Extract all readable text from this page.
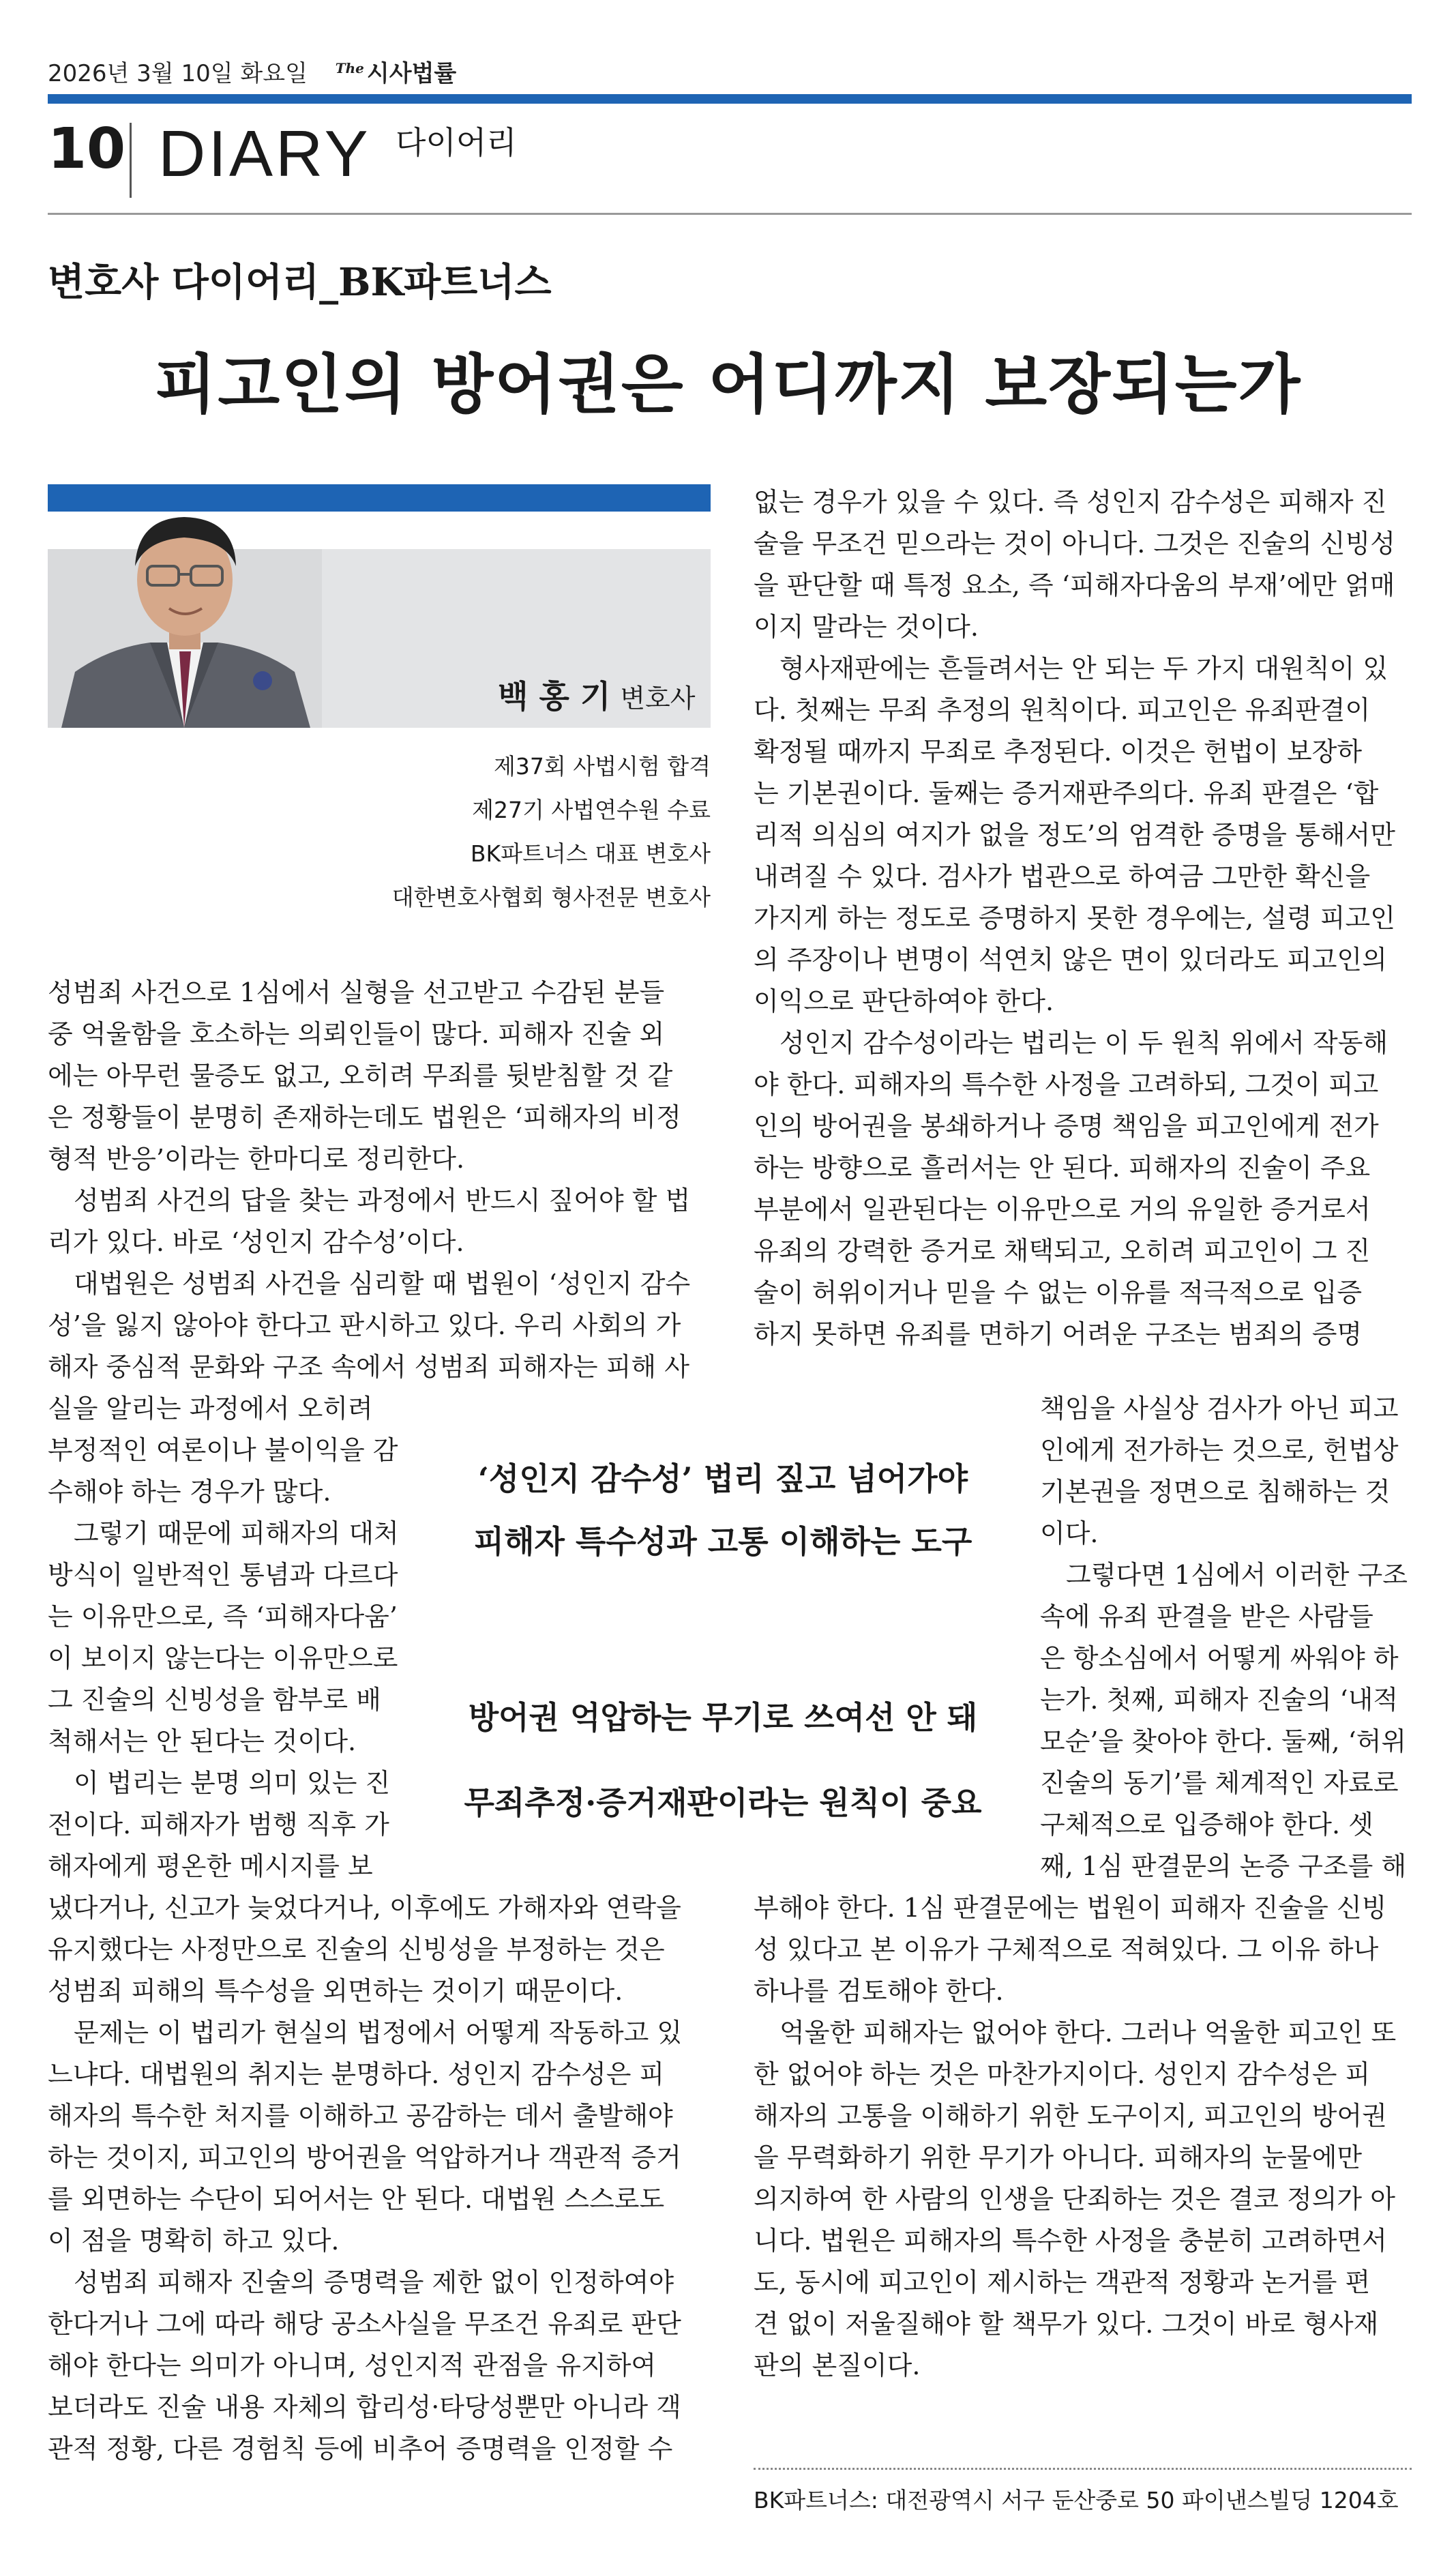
2026년 3월 10일 화요일 $^{The}$ 시사법률
10 DIARY 다이어리
변호사 다이어리_BK파트너스
피고인의 방어권은 어디까지 보장되는가
백 홍 기 변호사
제37회 사법시험 합격
제27기 사법연수원 수료
BK파트너스 대표 변호사
대한변호사협회 형사전문 변호사
성범죄 사건으로 1심에서 실형을 선고받고 수감된 분들
중 억울함을 호소하는 의뢰인들이 많다. 피해자 진술 외
에는 아무런 물증도 없고, 오히려 무죄를 뒷받침할 것 같
은 정황들이 분명히 존재하는데도 법원은 ‘피해자의 비정
형적 반응’이라는 한마디로 정리한다.
성범죄 사건의 답을 찾는 과정에서 반드시 짚어야 할 법
리가 있다. 바로 ‘성인지 감수성’이다.
대법원은 성범죄 사건을 심리할 때 법원이 ‘성인지 감수
성’을 잃지 않아야 한다고 판시하고 있다. 우리 사회의 가
해자 중심적 문화와 구조 속에서 성범죄 피해자는 피해 사
실을 알리는 과정에서 오히려
부정적인 여론이나 불이익을 감
수해야 하는 경우가 많다.
그렇기 때문에 피해자의 대처
방식이 일반적인 통념과 다르다
는 이유만으로, 즉 ‘피해자다움’
이 보이지 않는다는 이유만으로
그 진술의 신빙성을 함부로 배
척해서는 안 된다는 것이다.
이 법리는 분명 의미 있는 진
전이다. 피해자가 범행 직후 가
해자에게 평온한 메시지를 보
냈다거나, 신고가 늦었다거나, 이후에도 가해자와 연락을
유지했다는 사정만으로 진술의 신빙성을 부정하는 것은
성범죄 피해의 특수성을 외면하는 것이기 때문이다.
문제는 이 법리가 현실의 법정에서 어떻게 작동하고 있
느냐다. 대법원의 취지는 분명하다. 성인지 감수성은 피
해자의 특수한 처지를 이해하고 공감하는 데서 출발해야
하는 것이지, 피고인의 방어권을 억압하거나 객관적 증거
를 외면하는 수단이 되어서는 안 된다. 대법원 스스로도
이 점을 명확히 하고 있다.
성범죄 피해자 진술의 증명력을 제한 없이 인정하여야
한다거나 그에 따라 해당 공소사실을 무조건 유죄로 판단
해야 한다는 의미가 아니며, 성인지적 관점을 유지하여
보더라도 진술 내용 자체의 합리성·타당성뿐만 아니라 객
관적 정황, 다른 경험칙 등에 비추어 증명력을 인정할 수
없는 경우가 있을 수 있다. 즉 성인지 감수성은 피해자 진
술을 무조건 믿으라는 것이 아니다. 그것은 진술의 신빙성
을 판단할 때 특정 요소, 즉 ‘피해자다움의 부재’에만 얽매
이지 말라는 것이다.
형사재판에는 흔들려서는 안 되는 두 가지 대원칙이 있
다. 첫째는 무죄 추정의 원칙이다. 피고인은 유죄판결이
확정될 때까지 무죄로 추정된다. 이것은 헌법이 보장하
는 기본권이다. 둘째는 증거재판주의다. 유죄 판결은 ‘합
리적 의심의 여지가 없을 정도’의 엄격한 증명을 통해서만
내려질 수 있다. 검사가 법관으로 하여금 그만한 확신을
가지게 하는 정도로 증명하지 못한 경우에는, 설령 피고인
의 주장이나 변명이 석연치 않은 면이 있더라도 피고인의
이익으로 판단하여야 한다.
성인지 감수성이라는 법리는 이 두 원칙 위에서 작동해
야 한다. 피해자의 특수한 사정을 고려하되, 그것이 피고
인의 방어권을 봉쇄하거나 증명 책임을 피고인에게 전가
하는 방향으로 흘러서는 안 된다. 피해자의 진술이 주요
부분에서 일관된다는 이유만으로 거의 유일한 증거로서
유죄의 강력한 증거로 채택되고, 오히려 피고인이 그 진
술이 허위이거나 믿을 수 없는 이유를 적극적으로 입증
하지 못하면 유죄를 면하기 어려운 구조는 범죄의 증명
책임을 사실상 검사가 아닌 피고
인에게 전가하는 것으로, 헌법상
기본권을 정면으로 침해하는 것
이다.
그렇다면 1심에서 이러한 구조
속에 유죄 판결을 받은 사람들
은 항소심에서 어떻게 싸워야 하
는가. 첫째, 피해자 진술의 ‘내적
모순’을 찾아야 한다. 둘째, ‘허위
진술의 동기’를 체계적인 자료로
구체적으로 입증해야 한다. 셋
째, 1심 판결문의 논증 구조를 해
부해야 한다. 1심 판결문에는 법원이 피해자 진술을 신빙
성 있다고 본 이유가 구체적으로 적혀있다. 그 이유 하나
하나를 검토해야 한다.
억울한 피해자는 없어야 한다. 그러나 억울한 피고인 또
한 없어야 하는 것은 마찬가지이다. 성인지 감수성은 피
해자의 고통을 이해하기 위한 도구이지, 피고인의 방어권
을 무력화하기 위한 무기가 아니다. 피해자의 눈물에만
의지하여 한 사람의 인생을 단죄하는 것은 결코 정의가 아
니다. 법원은 피해자의 특수한 사정을 충분히 고려하면서
도, 동시에 피고인이 제시하는 객관적 정황과 논거를 편
견 없이 저울질해야 할 책무가 있다. 그것이 바로 형사재
판의 본질이다.
‘성인지 감수성’ 법리 짚고 넘어가야
피해자 특수성과 고통 이해하는 도구
방어권 억압하는 무기로 쓰여선 안 돼
무죄추정·증거재판이라는 원칙이 중요
BK파트너스: 대전광역시 서구 둔산중로 50 파이낸스빌딩 1204호
